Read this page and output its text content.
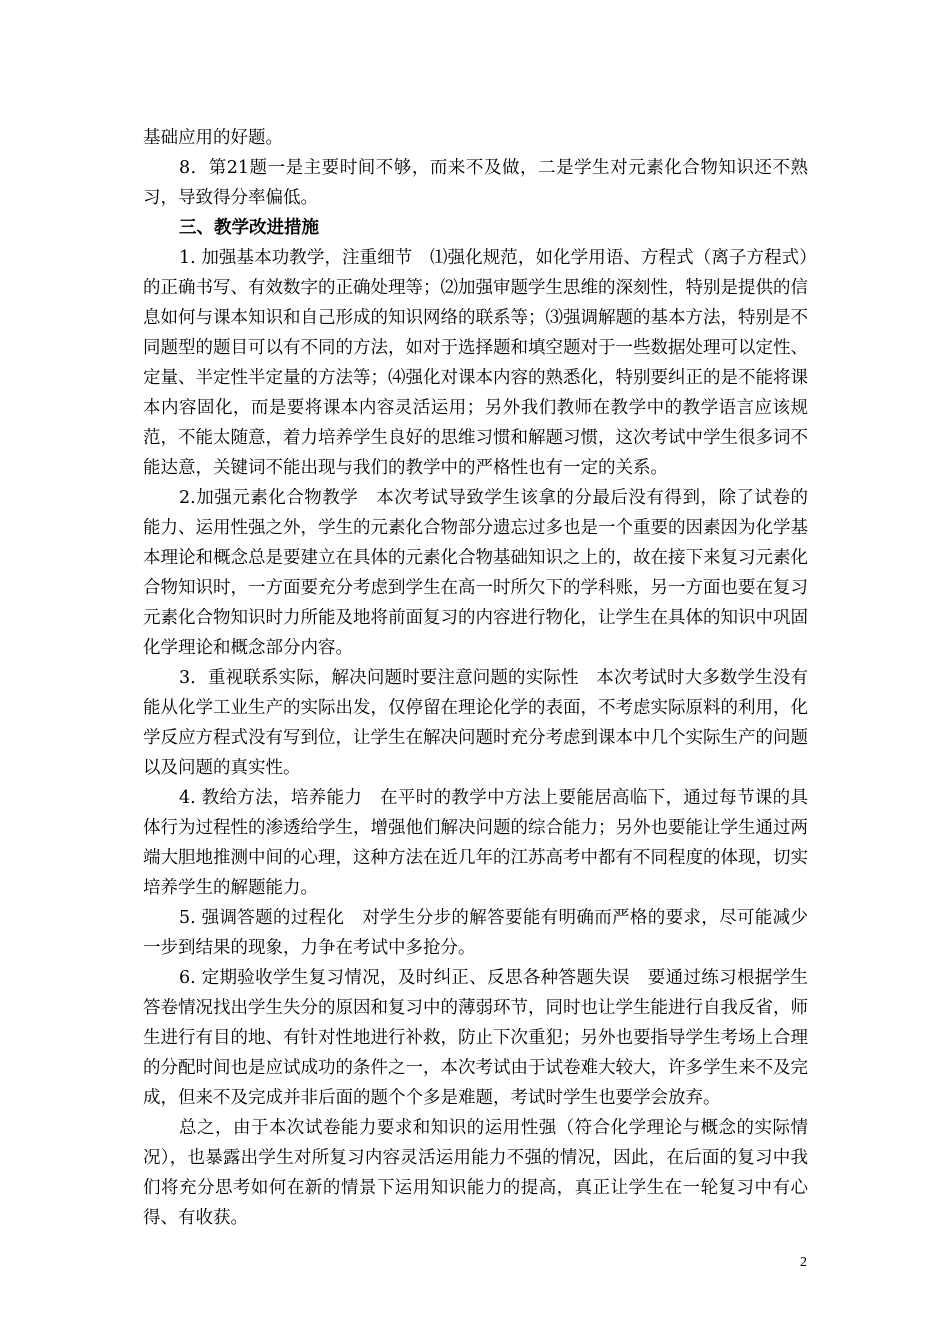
基础应用的好题。

8．第21题一是主要时间不够，而来不及做，二是学生对元素化合物知识还不熟习，导致得分率偏低。

三、教学改进措施

1. 加强基本功教学，注重细节　⑴强化规范，如化学用语、方程式（离子方程式）的正确书写、有效数字的正确处理等；⑵加强审题学生思维的深刻性，特别是提供的信息如何与课本知识和自己形成的知识网络的联系等；⑶强调解题的基本方法，特别是不同题型的题目可以有不同的方法，如对于选择题和填空题对于一些数据处理可以定性、定量、半定性半定量的方法等；⑷强化对课本内容的熟悉化，特别要纠正的是不能将课本内容固化，而是要将课本内容灵活运用；另外我们教师在教学中的教学语言应该规范，不能太随意，着力培养学生良好的思维习惯和解题习惯，这次考试中学生很多词不能达意，关键词不能出现与我们的教学中的严格性也有一定的关系。

2.加强元素化合物教学　本次考试导致学生该拿的分最后没有得到，除了试卷的能力、运用性强之外，学生的元素化合物部分遗忘过多也是一个重要的因素因为化学基本理论和概念总是要建立在具体的元素化合物基础知识之上的，故在接下来复习元素化合物知识时，一方面要充分考虑到学生在高一时所欠下的学科账，另一方面也要在复习元素化合物知识时力所能及地将前面复习的内容进行物化，让学生在具体的知识中巩固化学理论和概念部分内容。

3．重视联系实际，解决问题时要注意问题的实际性　本次考试时大多数学生没有能从化学工业生产的实际出发，仅停留在理论化学的表面，不考虑实际原料的利用，化学反应方程式没有写到位，让学生在解决问题时充分考虑到课本中几个实际生产的问题以及问题的真实性。

4. 教给方法，培养能力　在平时的教学中方法上要能居高临下，通过每节课的具体行为过程性的渗透给学生，增强他们解决问题的综合能力；另外也要能让学生通过两端大胆地推测中间的心理，这种方法在近几年的江苏高考中都有不同程度的体现，切实培养学生的解题能力。

5. 强调答题的过程化　对学生分步的解答要能有明确而严格的要求，尽可能减少一步到结果的现象，力争在考试中多抢分。

6. 定期验收学生复习情况，及时纠正、反思各种答题失误　要通过练习根据学生答卷情况找出学生失分的原因和复习中的薄弱环节，同时也让学生能进行自我反省，师生进行有目的地、有针对性地进行补救，防止下次重犯；另外也要指导学生考场上合理的分配时间也是应试成功的条件之一，本次考试由于试卷难大较大，许多学生来不及完成，但来不及完成并非后面的题个个多是难题，考试时学生也要学会放弃。

总之，由于本次试卷能力要求和知识的运用性强（符合化学理论与概念的实际情况），也暴露出学生对所复习内容灵活运用能力不强的情况，因此，在后面的复习中我们将充分思考如何在新的情景下运用知识能力的提高，真正让学生在一轮复习中有心得、有收获。

2
